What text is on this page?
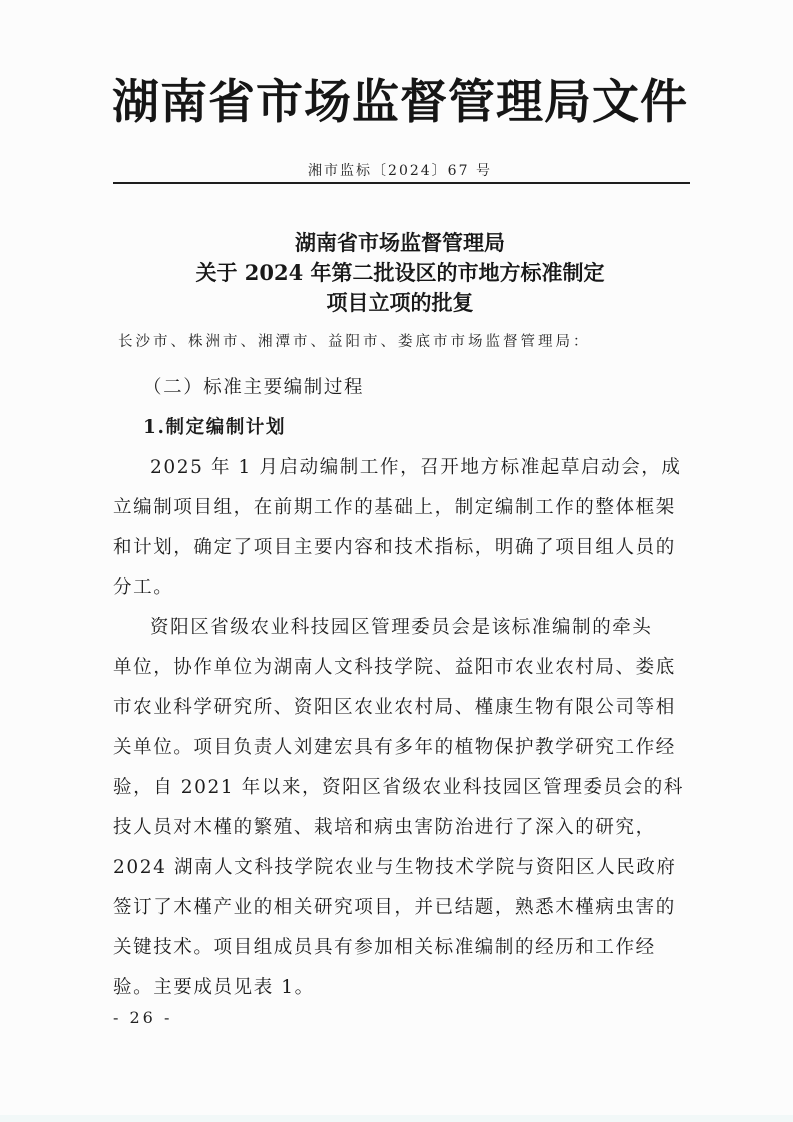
湖南省市场监督管理局文件
湘市监标〔2024〕67 号
湖南省市场监督管理局
关于 2024 年第二批设区的市地方标准制定
项目立项的批复
长沙市、株洲市、湘潭市、益阳市、娄底市市场监督管理局：
（二）标准主要编制过程
1.制定编制计划
2025 年 1 月启动编制工作，召开地方标准起草启动会，成
立编制项目组，在前期工作的基础上，制定编制工作的整体框架
和计划，确定了项目主要内容和技术指标，明确了项目组人员的
分工。
资阳区省级农业科技园区管理委员会是该标准编制的牵头
单位，协作单位为湖南人文科技学院、益阳市农业农村局、娄底
市农业科学研究所、资阳区农业农村局、槿康生物有限公司等相
关单位。项目负责人刘建宏具有多年的植物保护教学研究工作经
验，自 2021 年以来，资阳区省级农业科技园区管理委员会的科
技人员对木槿的繁殖、栽培和病虫害防治进行了深入的研究，
2024 湖南人文科技学院农业与生物技术学院与资阳区人民政府
签订了木槿产业的相关研究项目，并已结题，熟悉木槿病虫害的
关键技术。项目组成员具有参加相关标准编制的经历和工作经
验。主要成员见表 1。
- 26 -
